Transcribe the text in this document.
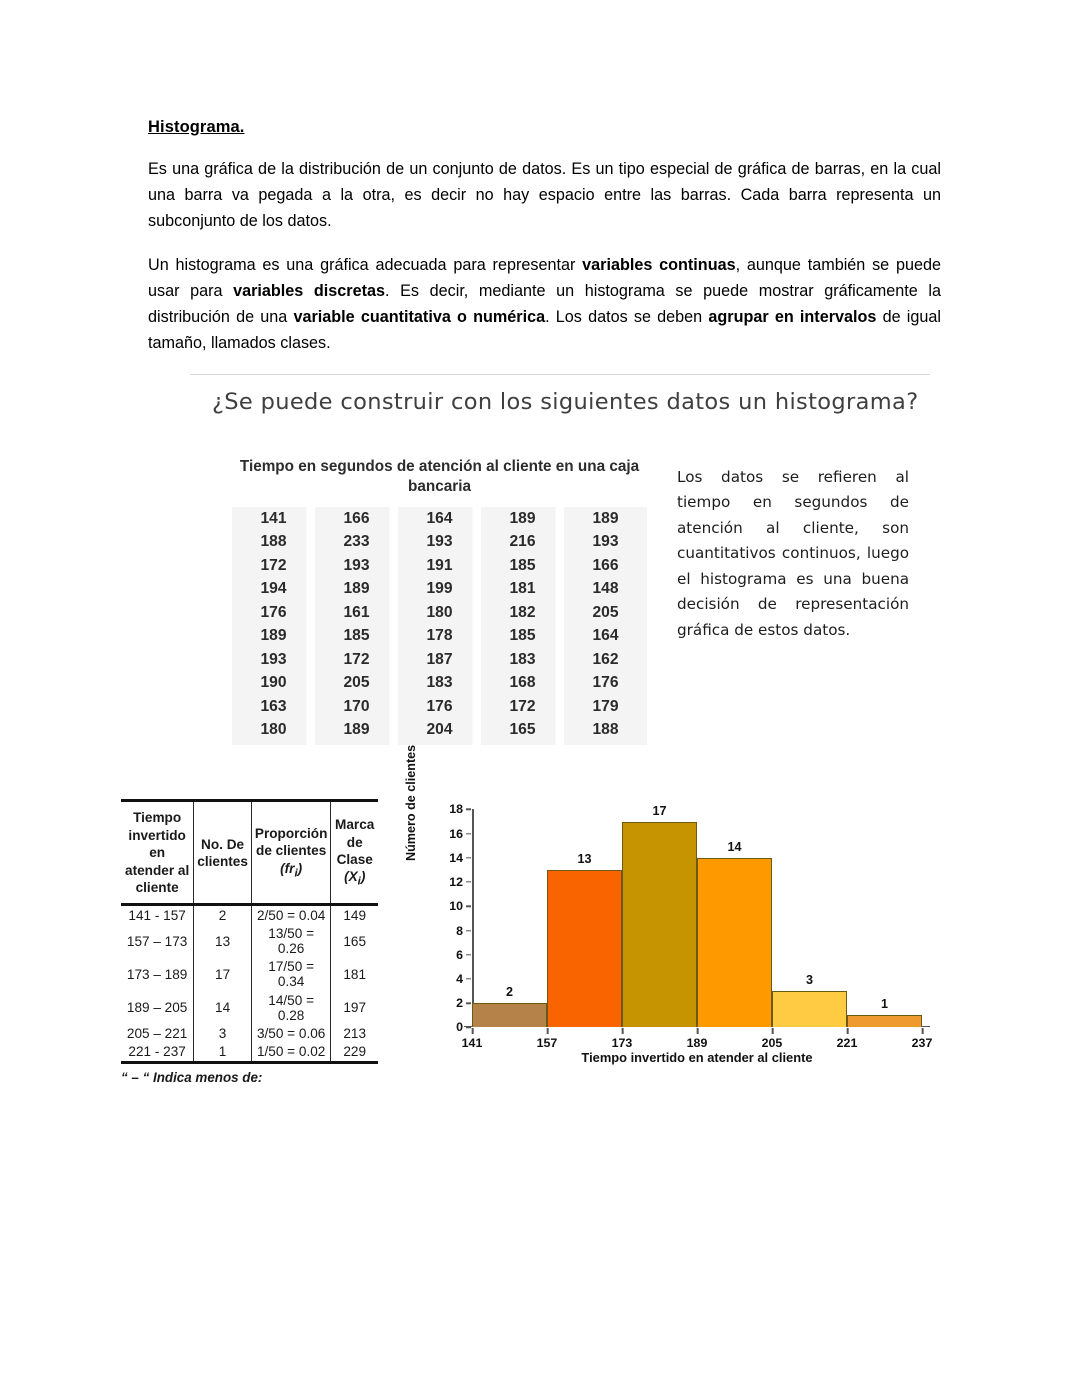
Histograma.

Es una gráfica de la distribución de un conjunto de datos. Es un tipo especial de gráfica de barras, en la cual una barra va pegada a la otra, es decir no hay espacio entre las barras. Cada barra representa un subconjunto de los datos.

Un histograma es una gráfica adecuada para representar variables continuas, aunque también se puede usar para variables discretas. Es decir, mediante un histograma se puede mostrar gráficamente la distribución de una variable cuantitativa o numérica. Los datos se deben agrupar en intervalos de igual tamaño, llamados clases.

¿Se puede construir con los siguientes datos un histograma?
Tiempo en segundos de atención al cliente en una caja bancaria
141	166	164	189	189
188	233	193	216	193
172	193	191	185	166
194	189	199	181	148
176	161	180	182	205
189	185	178	185	164
193	172	187	183	162
190	205	183	168	176
163	170	176	172	179
180	189	204	165	188
Los datos se refieren al tiempo en segundos de atención al cliente, son cuantitativos continuos, luego el histograma es una buena decisión de representación gráfica de estos datos.
Tiempo invertido en atender al cliente	No. De clientes	Proporción de clientes
$(fr_i)$	Marca de Clase
$(X_i)$
141 - 157	2	2/50 = 0.04	149
157 – 173	13	13/50 = 0.26	165
173 – 189	17	17/50 = 0.34	181
189 – 205	14	14/50 = 0.28	197
205 – 221	3	3/50 = 0.06	213
221 - 237	1	1/50 = 0.02	229
“ – “ Indica menos de:
Número de clientes
0
2
4
6
8
10
12
14
16
18
2
13
17
14
3
1
141	157	173	189	205	221	237
Tiempo invertido en atender al cliente
